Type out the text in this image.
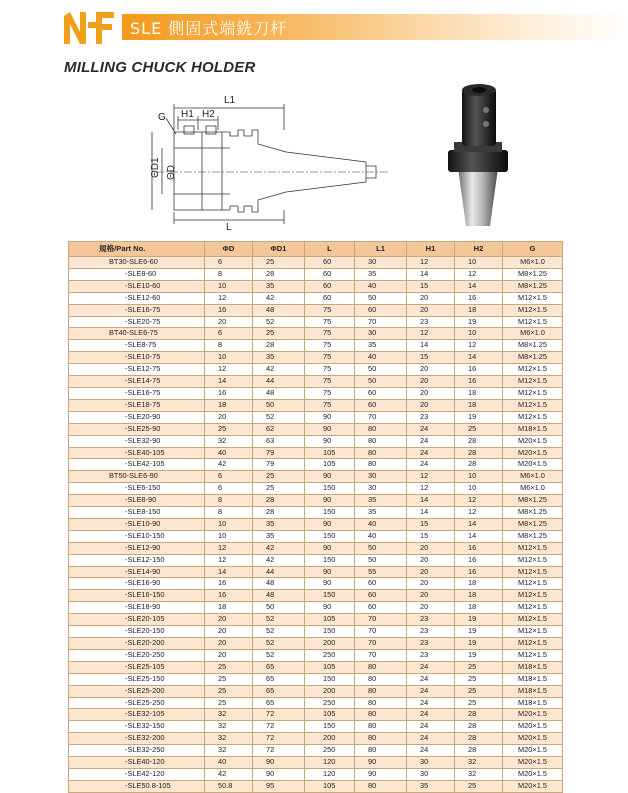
SLE 側固式端銑刀杆
MILLING CHUCK HOLDER
L1
G H1 H2
ΘD1 ΘD
L
規格/Part No.	ΦD	ΦD1	L	L1	H1	H2	G
BT30-SLE6-60	6	25	60	30	12	10	M6×1.0
-SLE8-60	8	28	60	35	14	12	M8×1.25
-SLE10-60	10	35	60	40	15	14	M8×1.25
-SLE12-60	12	42	60	50	20	16	M12×1.5
-SLE16-75	16	48	75	60	20	18	M12×1.5
-SLE20-75	20	52	75	70	23	19	M12×1.5
BT40-SLE6-75	6	25	75	30	12	10	M6×1.0
-SLE8-75	8	28	75	35	14	12	M8×1.25
-SLE10-75	10	35	75	40	15	14	M8×1.25
-SLE12-75	12	42	75	50	20	16	M12×1.5
-SLE14-75	14	44	75	50	20	16	M12×1.5
-SLE16-75	16	48	75	60	20	18	M12×1.5
-SLE18-75	18	50	75	60	20	18	M12×1.5
-SLE20-90	20	52	90	70	23	19	M12×1.5
-SLE25-90	25	62	90	80	24	25	M18×1.5
-SLE32-90	32	63	90	80	24	28	M20×1.5
-SLE40-105	40	79	105	80	24	28	M20×1.5
-SLE42-105	42	79	105	80	24	28	M20×1.5
BT50-SLE6-90	6	25	90	30	12	10	M6×1.0
-SLE6-150	6	25	150	30	12	10	M6×1.0
-SLE8-90	8	28	90	35	14	12	M8×1.25
-SLE8-150	8	28	150	35	14	12	M8×1.25
-SLE10-90	10	35	90	40	15	14	M8×1.25
-SLE10-150	10	35	150	40	15	14	M8×1.25
-SLE12-90	12	42	90	50	20	16	M12×1.5
-SLE12-150	12	42	150	50	20	16	M12×1.5
-SLE14-90	14	44	90	55	20	16	M12×1.5
-SLE16-90	16	48	90	60	20	18	M12×1.5
-SLE16-150	16	48	150	60	20	18	M12×1.5
-SLE18-90	18	50	90	60	20	18	M12×1.5
-SLE20-105	20	52	105	70	23	19	M12×1.5
-SLE20-150	20	52	150	70	23	19	M12×1.5
-SLE20-200	20	52	200	70	23	19	M12×1.5
-SLE20-250	20	52	250	70	23	19	M12×1.5
-SLE25-105	25	65	105	80	24	25	M18×1.5
-SLE25-150	25	65	150	80	24	25	M18×1.5
-SLE25-200	25	65	200	80	24	25	M18×1.5
-SLE25-250	25	65	250	80	24	25	M18×1.5
-SLE32-105	32	72	105	80	24	28	M20×1.5
-SLE32-150	32	72	150	80	24	28	M20×1.5
-SLE32-200	32	72	200	80	24	28	M20×1.5
-SLE32-250	32	72	250	80	24	28	M20×1.5
-SLE40-120	40	90	120	90	30	32	M20×1.5
-SLE42-120	42	90	120	90	30	32	M20×1.5
-SLE50.8-105	50.8	95	105	80	35	25	M20×1.5
